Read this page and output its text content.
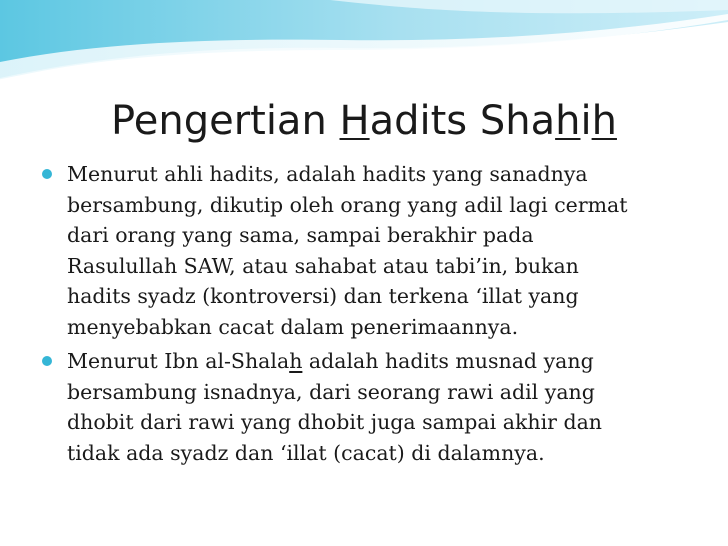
Pengertian Hadits Shahih
Menurut ahli hadits, adalah hadits yang sanadnya
bersambung, dikutip oleh orang yang adil lagi cermat
dari orang yang sama, sampai berakhir pada
Rasulullah SAW, atau sahabat atau tabi’in, bukan
hadits syadz (kontroversi) dan terkena ‘illat yang
menyebabkan cacat dalam penerimaannya.
Menurut Ibn al-Shalah adalah hadits musnad yang
bersambung isnadnya, dari seorang rawi adil yang
dhobit dari rawi yang dhobit juga sampai akhir dan
tidak ada syadz dan ‘illat (cacat) di dalamnya.
